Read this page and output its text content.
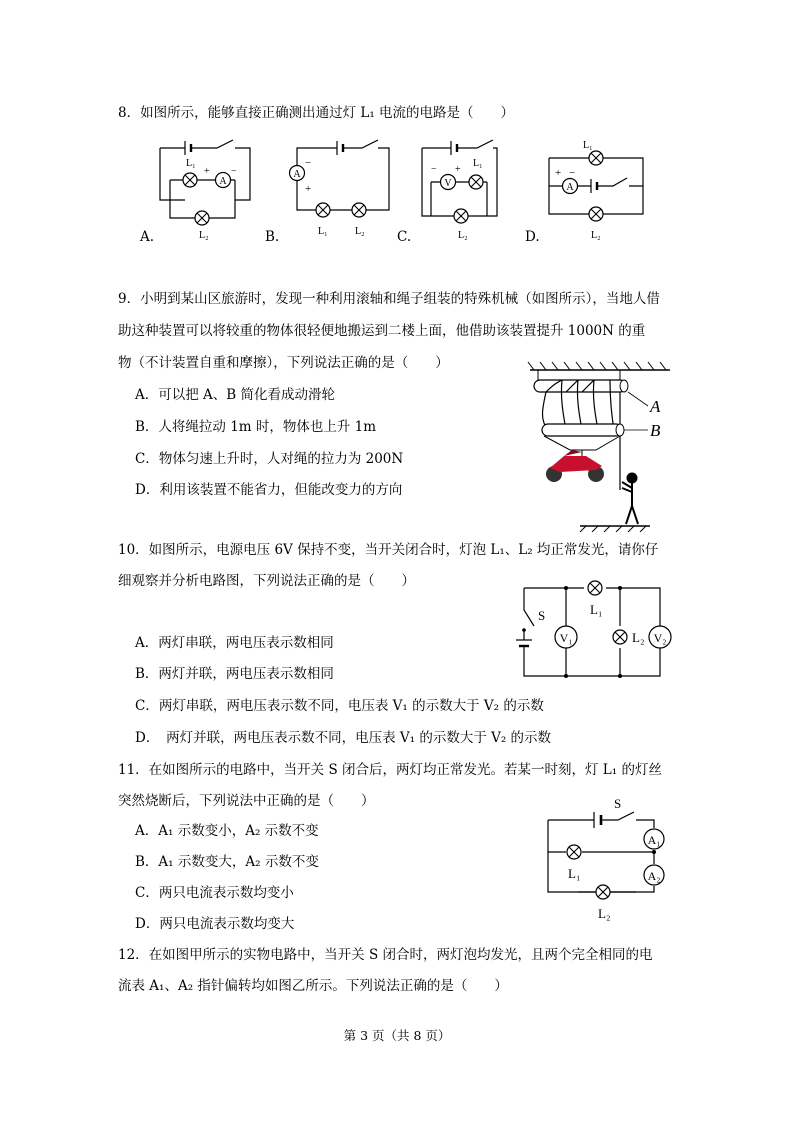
8．如图所示，能够直接正确测出通过灯 L₁ 电流的电路是（　　）
A
L₁
+ −
L₂
A
−
+
L₁	L₂
V
− +
L₁
L₂
A
L₁
+ −
L₂
A.	B.	C.	D.
9．小明到某山区旅游时，发现一种利用滚轴和绳子组装的特殊机械（如图所示），当地人借
助这种装置可以将较重的物体很轻便地搬运到二楼上面，他借助该装置提升 1000N 的重
物（不计装置自重和摩擦），下列说法正确的是（　　）
A．可以把 A、B 简化看成动滑轮
B．人将绳拉动 1m 时，物体也上升 1m
C．物体匀速上升时，人对绳的拉力为 200N
D．利用该装置不能省力，但能改变力的方向
A
B
10．如图所示，电源电压 6V 保持不变，当开关闭合时，灯泡 L₁、L₂ 均正常发光，请你仔
细观察并分析电路图，下列说法正确的是（　　）
A．两灯串联，两电压表示数相同
B．两灯并联，两电压表示数相同
C．两灯串联，两电压表示数不同，电压表 V₁ 的示数大于 V₂ 的示数
D．　两灯并联，两电压表示数不同，电压表 V₁ 的示数大于 V₂ 的示数
V₁	V₂
S	L₁
L₂
11．在如图所示的电路中，当开关 S 闭合后，两灯均正常发光。若某一时刻，灯 L₁ 的灯丝
突然烧断后，下列说法中正确的是（　　）
A．A₁ 示数变小，A₂ 示数不变
B．A₁ 示数变大，A₂ 示数不变
C．两只电流表示数均变小
D．两只电流表示数均变大
A₁
A₂
S
L₁
L₂
12．在如图甲所示的实物电路中，当开关 S 闭合时，两灯泡均发光，且两个完全相同的电
流表 A₁、A₂ 指针偏转均如图乙所示。下列说法正确的是（　　）
第 3 页（共 8 页）
